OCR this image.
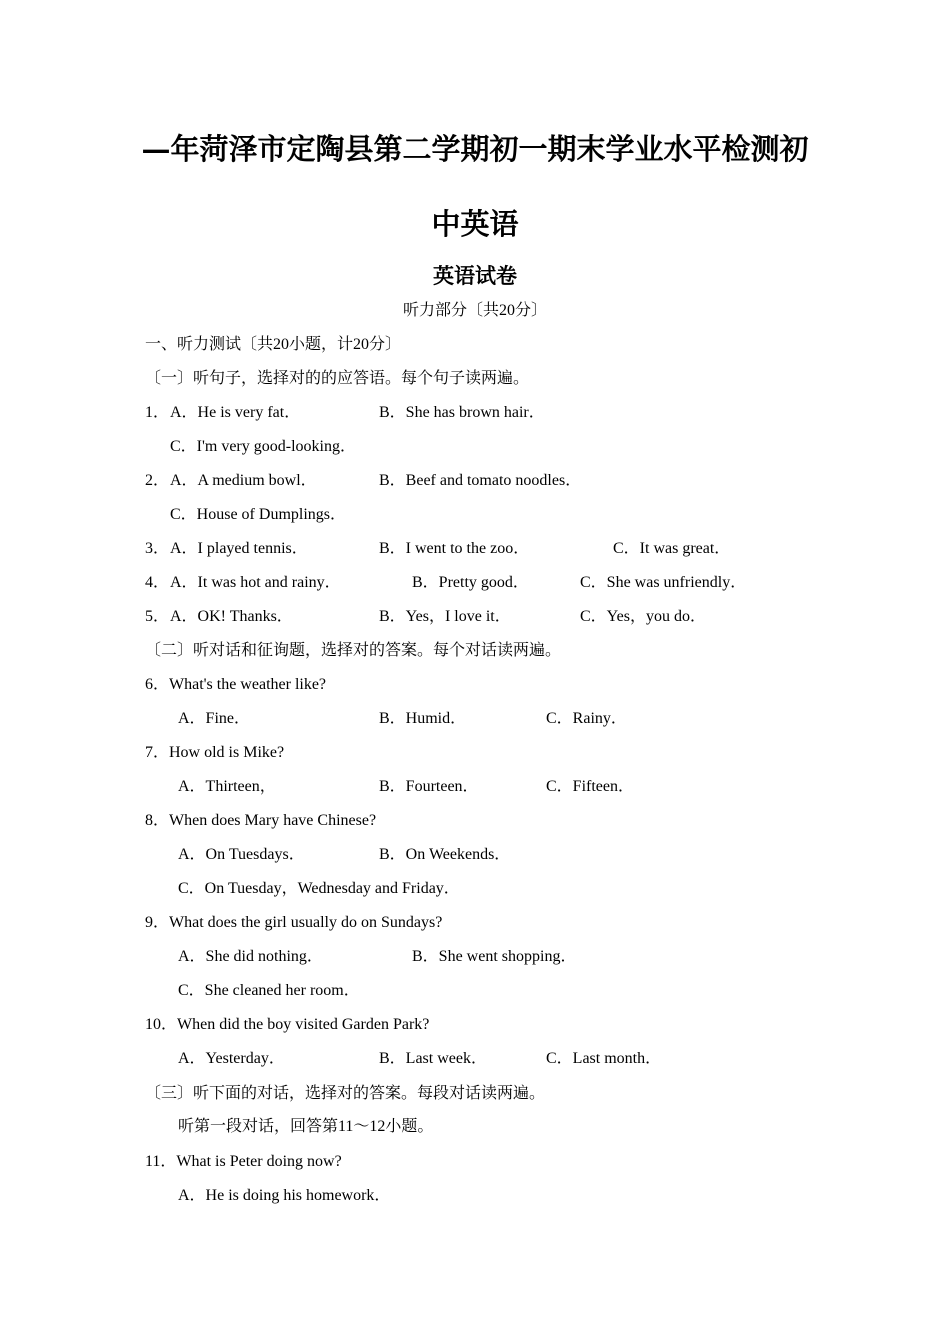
—年菏泽市定陶县第二学期初一期末学业水平检测初
中英语
英语试卷
听力部分〔共20分〕
一、听力测试〔共20小题，计20分〕
〔一〕听句子，选择对的的应答语。每个句子读两遍。
1． A．He is very fat．	B．She has brown hair．
C．I'm very good-looking．
2． A．A medium bowl．	B．Beef and tomato noodles．
C．House of Dumplings．
3． A．I played tennis．	B．I went to the zoo．	C．It was great．
4． A．It was hot and rainy．	B．Pretty good．	C．She was unfriendly．
5． A．OK! Thanks．	B．Yes，I love it．	C．Yes，you do．
〔二〕听对话和征询题，选择对的答案。每个对话读两遍。
6．What's the weather like?
A．Fine．	B．Humid．	C．Rainy．
7．How old is Mike?
A．Thirteen，	B．Fourteen．	C．Fifteen．
8．When does Mary have Chinese?
A．On Tuesdays．	B．On Weekends．
C．On Tuesday，Wednesday and Friday．
9．What does the girl usually do on Sundays?
A．She did nothing．	B．She went shopping．
C．She cleaned her room．
10．When did the boy visited Garden Park?
A．Yesterday．	B．Last week．	C．Last month．
〔三〕听下面的对话，选择对的答案。每段对话读两遍。
听第一段对话，回答第11～12小题。
11．What is Peter doing now?
A．He is doing his homework．
